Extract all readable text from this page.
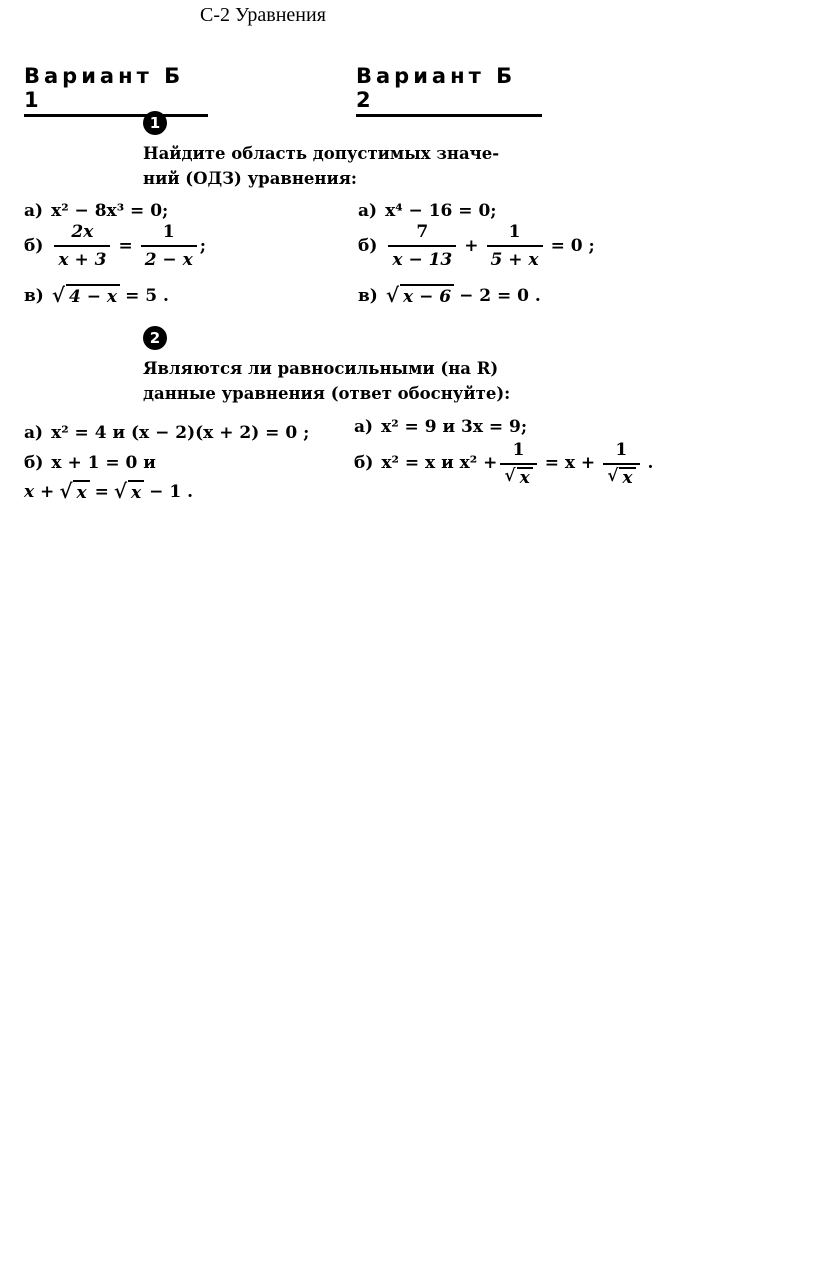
С-2 Уравнения
Вариант Б 1
Вариант Б 2
1
Найдите область допустимых значе-
ний (ОДЗ) уравнения:
а) x² − 8x³ = 0;	а) x⁴ − 16 = 0;
$б) \frac{2x}{x + 3} = \frac{1}{2 - x}$ ;	$б) \frac{7}{x - 13} + \frac{1}{5 + x} = 0$ ;
в) √ 4 − x = 5 .	в) √ x − 6 − 2 = 0 .
2
Являются ли равносильными (на R)
данные уравнения (ответ обоснуйте):
а) x² = 4 и (x − 2)(x + 2) = 0 ;	а) x² = 9 и 3x = 9;
б) x + 1 = 0 и
x + √ x = √ x − 1 .
б) x² = x и $x^2 + \frac{1}{√ x} = x + \frac{1}{√ x}$ .
